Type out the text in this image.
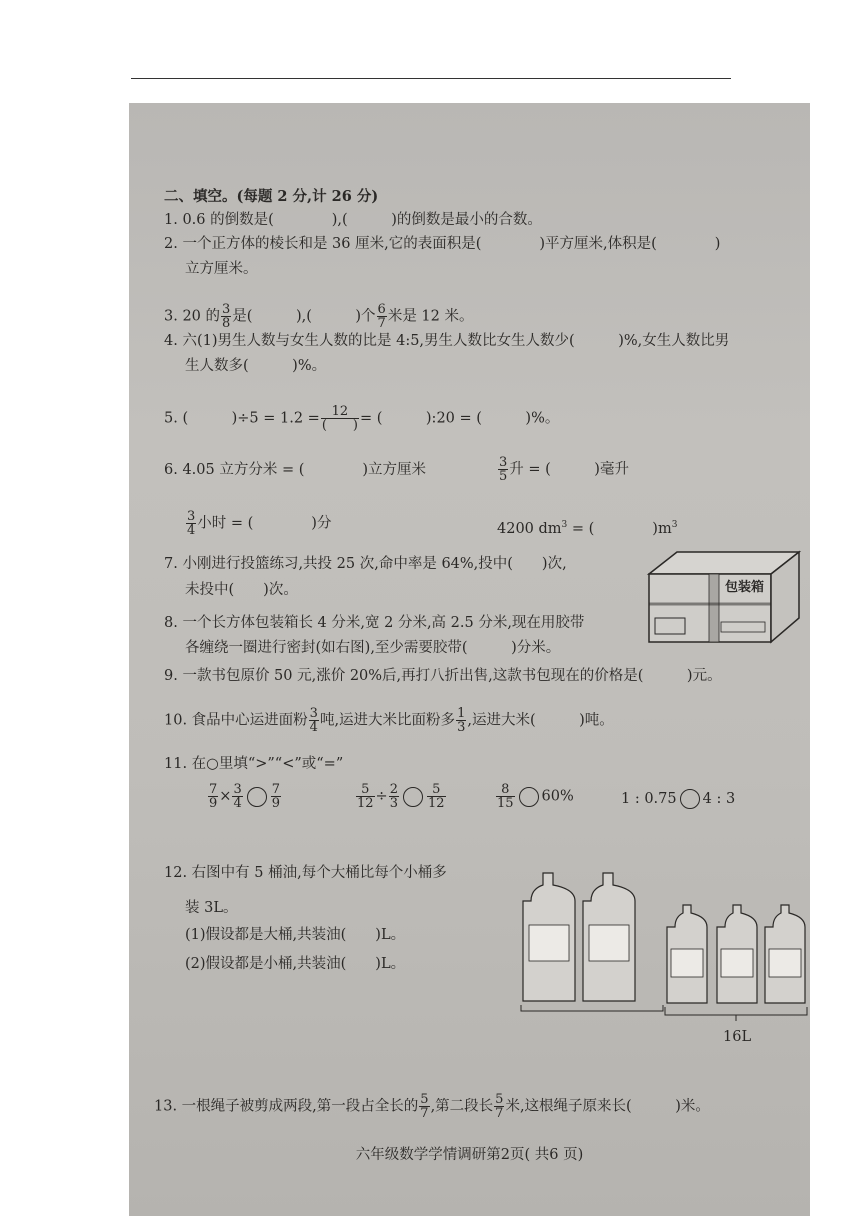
二、填空。(每题 2 分,计 26 分)
1. 0.6 的倒数是(　　　　),(　　　)的倒数是最小的合数。
2. 一个正方体的棱长和是 36 厘米,它的表面积是(　　　　)平方厘米,体积是(　　　　)
立方厘米。
3. 20 的 $\frac{3}{8}$ 是(　　　),(　　　)个 $\frac{6}{7}$ 米是 12 米。
4. 六(1)男生人数与女生人数的比是 4:5,男生人数比女生人数少(　　　)%,女生人数比男
生人数多(　　　)%。
5. (　　　)$\div 5 = 1.2 = \frac{12}{( )}$ = (　　　):20 = (　　　)%。
6. 4.05 立方分米 = (　　　　)立方厘米	$\frac{3}{5}$ 升 = (　　　)毫升
$\frac{3}{4}$ 小时 = (　　　　)分	4200 $dm^3$ = (　　　　)$m^3$
7. 小刚进行投篮练习,共投 25 次,命中率是 64%,投中(　　)次,
未投中(　　)次。
8. 一个长方体包装箱长 4 分米,宽 2 分米,高 2.5 分米,现在用胶带
各缠绕一圈进行密封(如右图),至少需要胶带(　　　)分米。
包装箱
9. 一款书包原价 50 元,涨价 20%后,再打八折出售,这款书包现在的价格是(　　　)元。
10. 食品中心运进面粉 $\frac{3}{4}$ 吨,运进大米比面粉多 $\frac{1}{3}$ ,运进大米(　　　)吨。
11. 在○里填“>”“<”或“=”
$\frac{7}{9} \times \frac{3}{4} \frac{7}{9}$	$\frac{5}{12} \div \frac{2}{3} \frac{5}{12}$	$\frac{8}{15} 60\%$	1 : 0.75 4 : 3
12. 右图中有 5 桶油,每个大桶比每个小桶多
装 3L。
(1)假设都是大桶,共装油(　　)L。
(2)假设都是小桶,共装油(　　)L。
16L
13. 一根绳子被剪成两段,第一段占全长的 $\frac{5}{7}$ ,第二段长 $\frac{5}{7}$ 米,这根绳子原来长(　　　)米。
六年级数学学情调研第2页( 共6 页)
